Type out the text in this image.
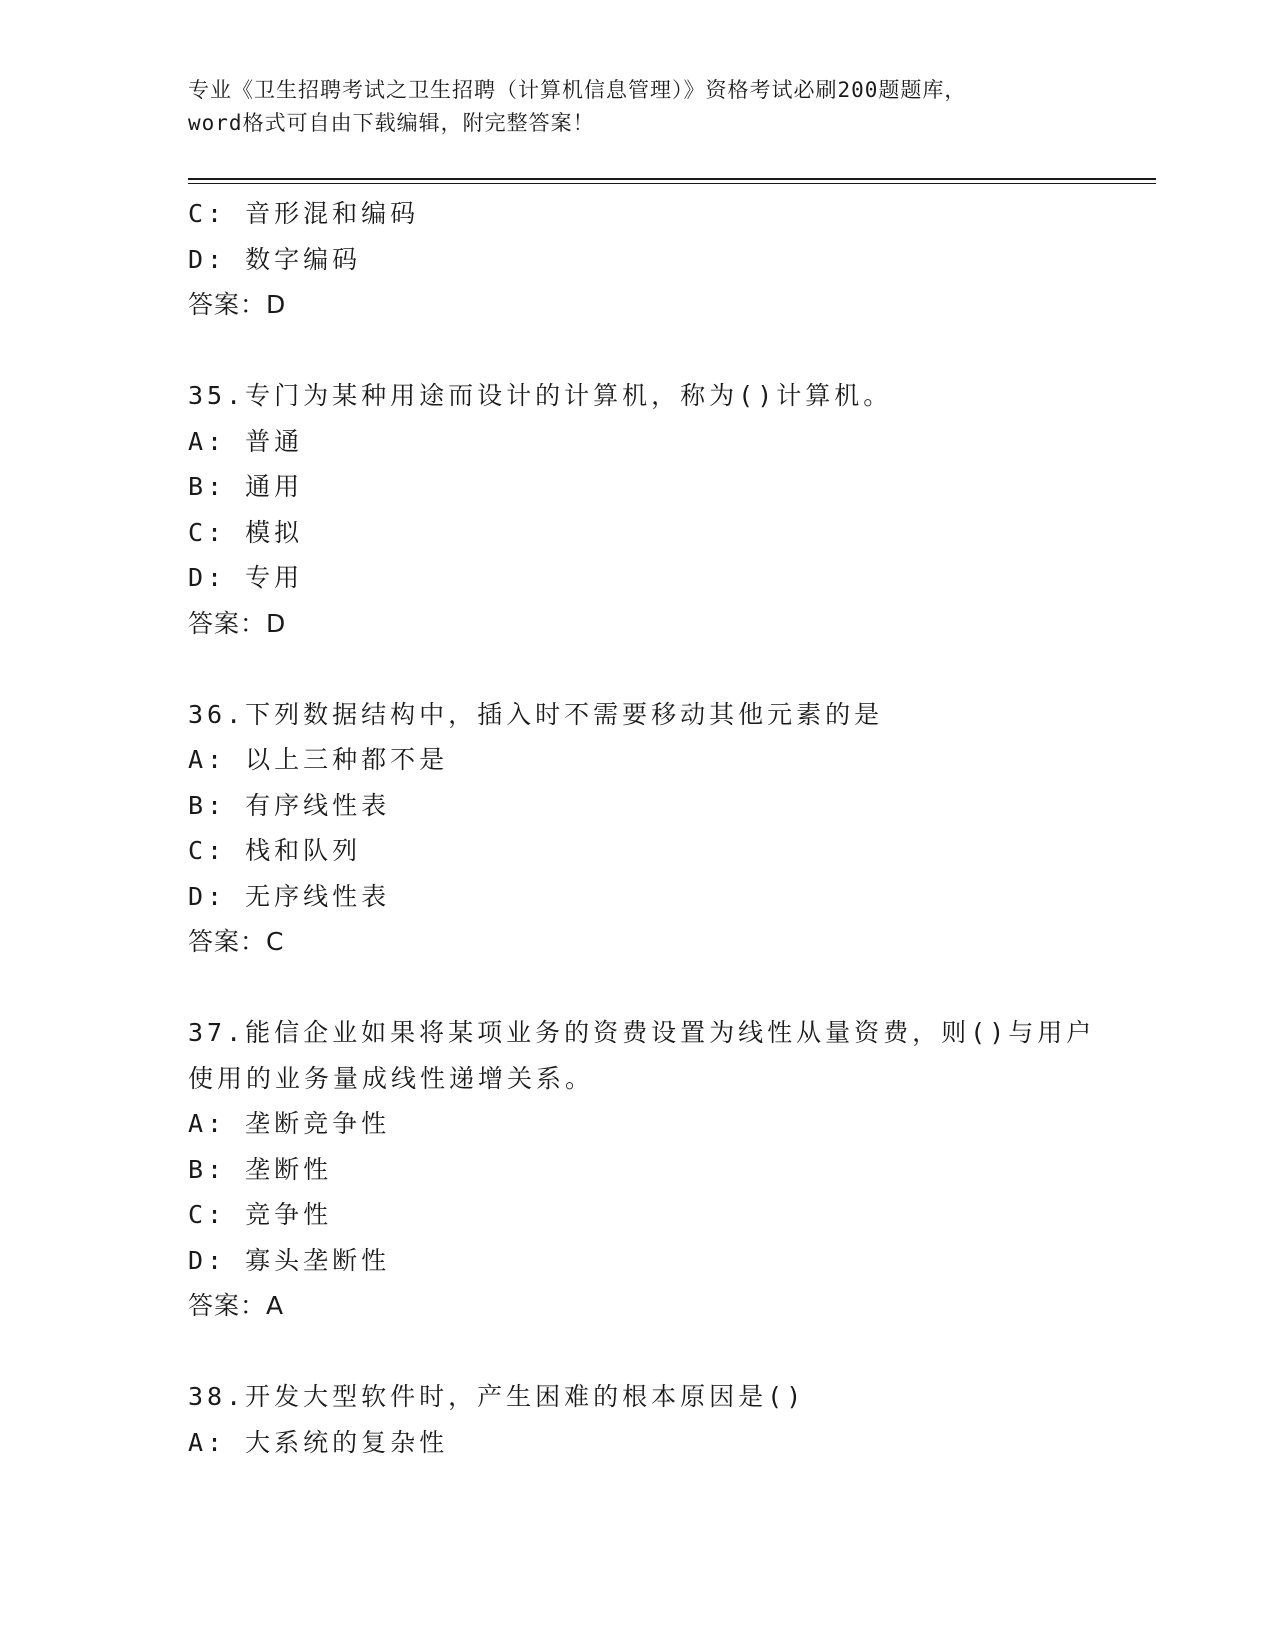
专业《卫生招聘考试之卫生招聘（计算机信息管理）》资格考试必刷200题题库，
word格式可自由下载编辑，附完整答案！
C: 音形混和编码
D: 数字编码
答案：D
35.专门为某种用途而设计的计算机，称为()计算机。
A: 普通
B: 通用
C: 模拟
D: 专用
答案：D
36.下列数据结构中，插入时不需要移动其他元素的是
A: 以上三种都不是
B: 有序线性表
C: 栈和队列
D: 无序线性表
答案：C
37.能信企业如果将某项业务的资费设置为线性从量资费，则()与用户
使用的业务量成线性递增关系。
A: 垄断竞争性
B: 垄断性
C: 竞争性
D: 寡头垄断性
答案：A
38.开发大型软件时，产生困难的根本原因是()
A: 大系统的复杂性
